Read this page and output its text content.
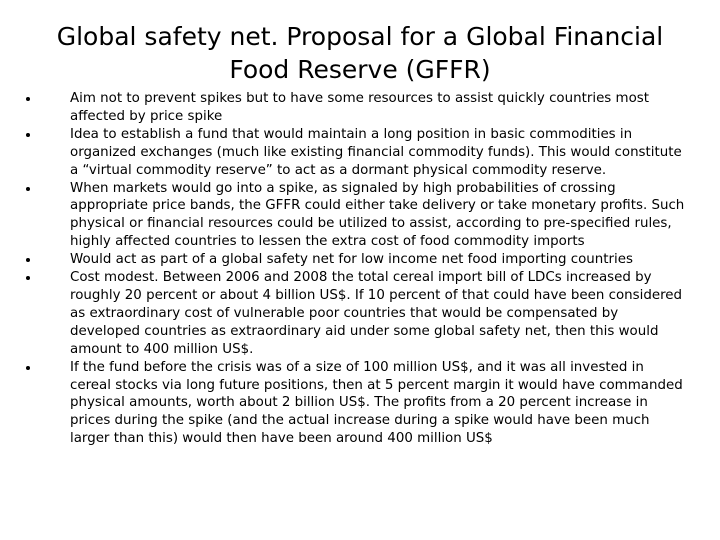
Global safety net. Proposal for a Global Financial Food Reserve (GFFR)
Aim not to prevent spikes but to have some resources to assist quickly countries most affected by price spike
Idea to establish a fund that would maintain a long position in basic commodities in organized exchanges (much like existing financial commodity funds). This would constitute a “virtual commodity reserve” to act as a dormant physical commodity reserve.
When markets would go into a spike, as signaled by high probabilities of crossing appropriate price bands, the GFFR could either take delivery or take monetary profits. Such physical or financial resources could be utilized to assist, according to pre-specified rules, highly affected countries to lessen the extra cost of food commodity imports
Would act as part of a global safety net for low income net food importing countries
Cost modest. Between 2006 and 2008 the total cereal import bill of LDCs increased by roughly 20 percent or about 4 billion US$. If 10 percent of that could have been considered as extraordinary cost of vulnerable poor countries that would be compensated by developed countries as extraordinary aid under some global safety net, then this would amount to 400 million US$.
If the fund before the crisis was of a size of 100 million US$, and it was all invested in cereal stocks via long future positions, then at 5 percent margin it would have commanded physical amounts, worth about 2 billion US$. The profits from a 20 percent increase in prices during the spike (and the actual increase during a spike would have been much larger than this) would then have been around 400 million US$
